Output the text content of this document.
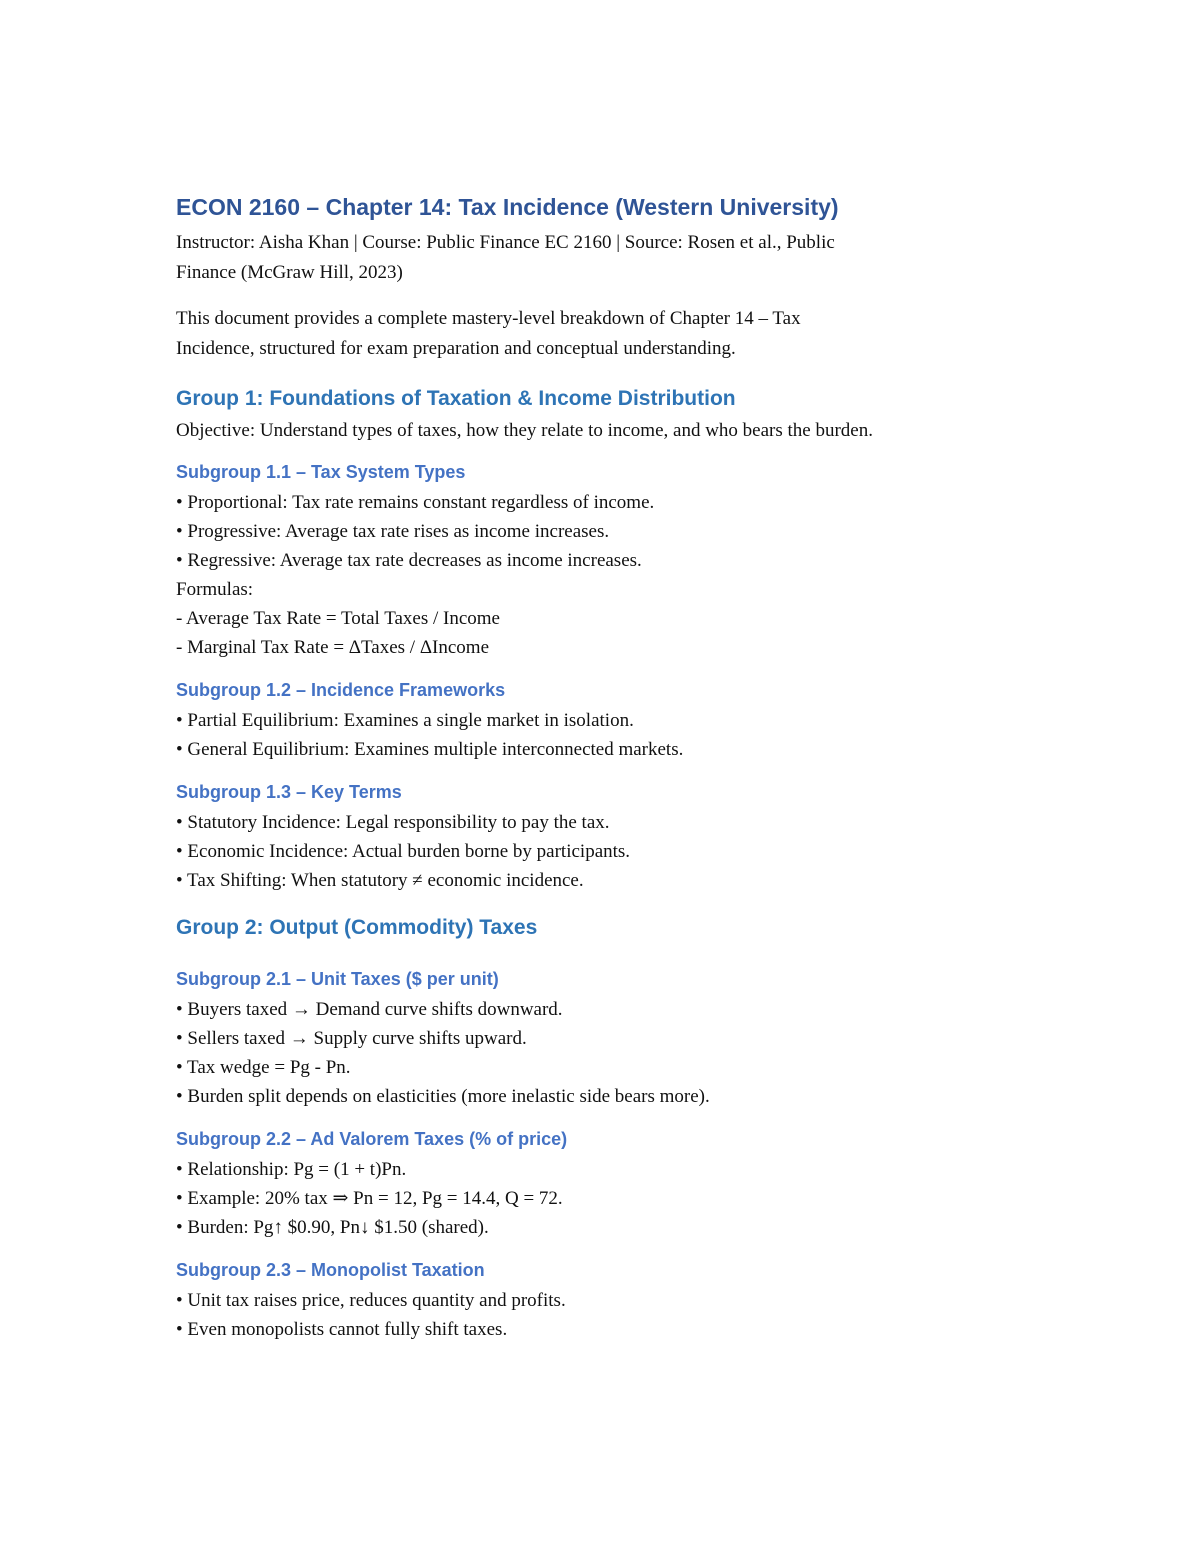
ECON 2160 – Chapter 14: Tax Incidence (Western University)

Instructor: Aisha Khan | Course: Public Finance EC 2160 | Source: Rosen et al., Public
Finance (McGraw Hill, 2023)

This document provides a complete mastery-level breakdown of Chapter 14 – Tax
Incidence, structured for exam preparation and conceptual understanding.

Group 1: Foundations of Taxation & Income Distribution

Objective: Understand types of taxes, how they relate to income, and who bears the burden.

Subgroup 1.1 – Tax System Types
• Proportional: Tax rate remains constant regardless of income.
• Progressive: Average tax rate rises as income increases.
• Regressive: Average tax rate decreases as income increases.
Formulas:
- Average Tax Rate = Total Taxes / Income
- Marginal Tax Rate = ΔTaxes / ΔIncome
Subgroup 1.2 – Incidence Frameworks
• Partial Equilibrium: Examines a single market in isolation.
• General Equilibrium: Examines multiple interconnected markets.
Subgroup 1.3 – Key Terms
• Statutory Incidence: Legal responsibility to pay the tax.
• Economic Incidence: Actual burden borne by participants.
• Tax Shifting: When statutory ≠ economic incidence.
Group 2: Output (Commodity) Taxes
Subgroup 2.1 – Unit Taxes ($ per unit)
• Buyers taxed → Demand curve shifts downward.
• Sellers taxed → Supply curve shifts upward.
• Tax wedge = Pg - Pn.
• Burden split depends on elasticities (more inelastic side bears more).
Subgroup 2.2 – Ad Valorem Taxes (% of price)
• Relationship: Pg = (1 + t)Pn.
• Example: 20% tax ⇒ Pn = 12, Pg = 14.4, Q = 72.
• Burden: Pg↑ $0.90, Pn↓ $1.50 (shared).
Subgroup 2.3 – Monopolist Taxation
• Unit tax raises price, reduces quantity and profits.
• Even monopolists cannot fully shift taxes.
